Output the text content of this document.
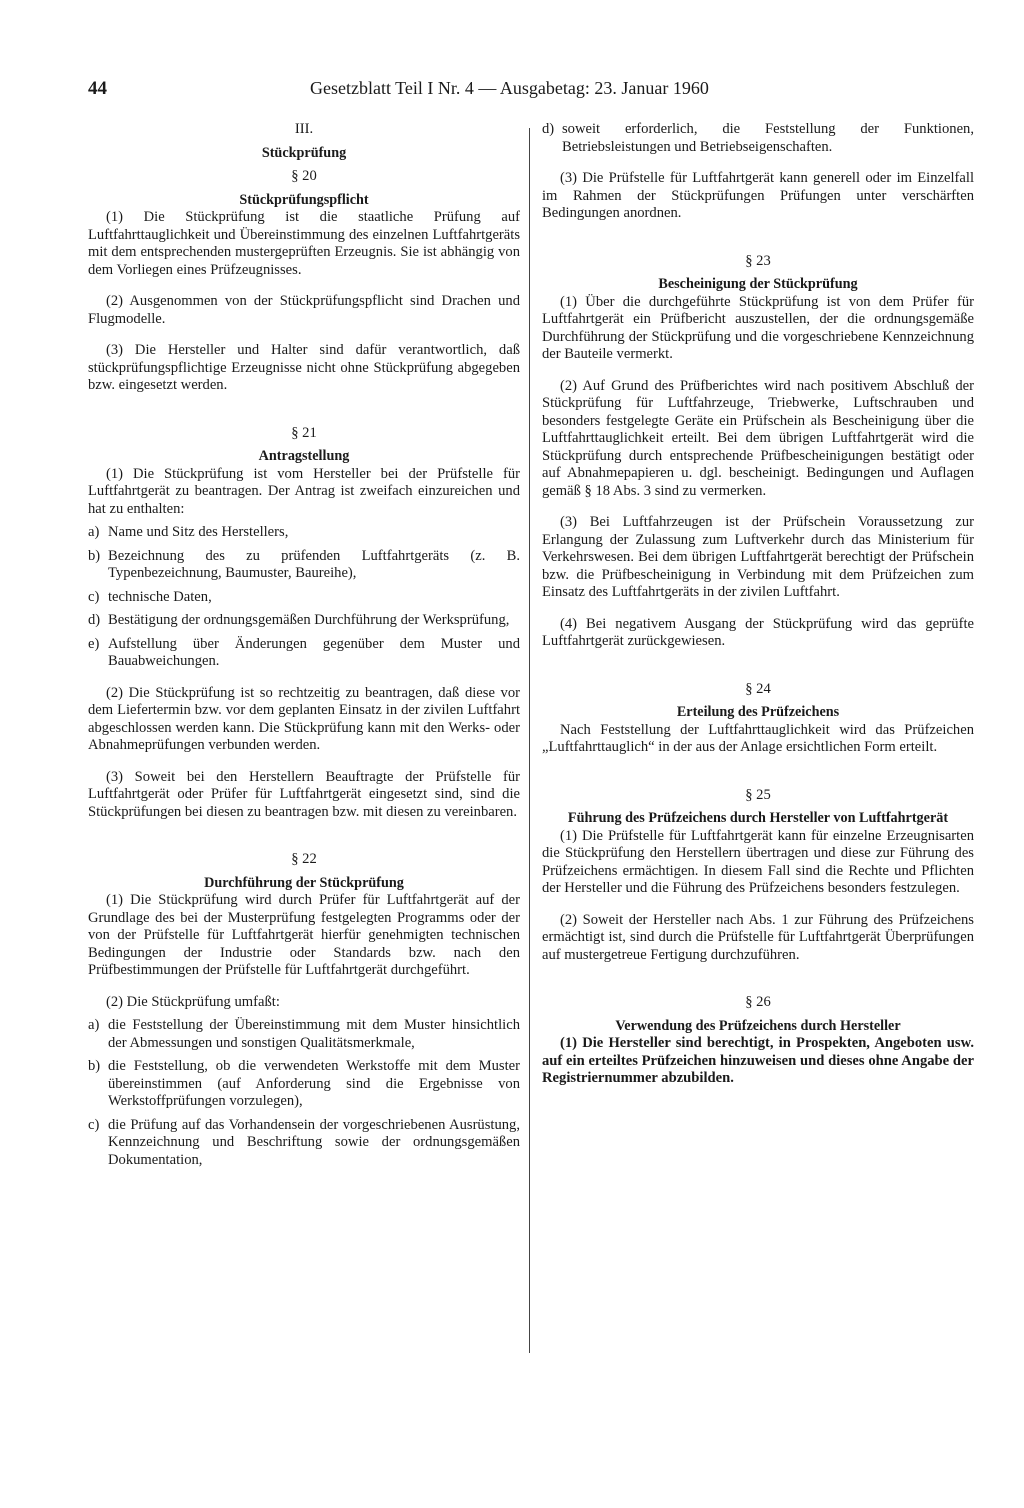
44	Gesetzblatt Teil I Nr. 4 — Ausgabetag: 23. Januar 1960
III.
Stückprüfung
§ 20
Stückprüfungspflicht

(1) Die Stückprüfung ist die staatliche Prüfung auf Luftfahrttauglichkeit und Übereinstimmung des einzelnen Luftfahrtgeräts mit dem entsprechenden mustergeprüften Erzeugnis. Sie ist abhängig von dem Vorliegen eines Prüfzeugnisses.

(2) Ausgenommen von der Stückprüfungspflicht sind Drachen und Flugmodelle.

(3) Die Hersteller und Halter sind dafür verantwortlich, daß stückprüfungspflichtige Erzeugnisse nicht ohne Stückprüfung abgegeben bzw. eingesetzt werden.

§ 21
Antragstellung

(1) Die Stückprüfung ist vom Hersteller bei der Prüfstelle für Luftfahrtgerät zu beantragen. Der Antrag ist zweifach einzureichen und hat zu enthalten:

a) Name und Sitz des Herstellers,
b) Bezeichnung des zu prüfenden Luftfahrtgeräts (z. B. Typenbezeichnung, Baumuster, Baureihe),
c) technische Daten,
d) Bestätigung der ordnungsgemäßen Durchführung der Werksprüfung,
e) Aufstellung über Änderungen gegenüber dem Muster und Bauabweichungen.

(2) Die Stückprüfung ist so rechtzeitig zu beantragen, daß diese vor dem Liefertermin bzw. vor dem geplanten Einsatz in der zivilen Luftfahrt abgeschlossen werden kann. Die Stückprüfung kann mit den Werks- oder Abnahmeprüfungen verbunden werden.

(3) Soweit bei den Herstellern Beauftragte der Prüfstelle für Luftfahrtgerät oder Prüfer für Luftfahrtgerät eingesetzt sind, sind die Stückprüfungen bei diesen zu beantragen bzw. mit diesen zu vereinbaren.

§ 22
Durchführung der Stückprüfung

(1) Die Stückprüfung wird durch Prüfer für Luftfahrtgerät auf der Grundlage des bei der Musterprüfung festgelegten Programms oder der von der Prüfstelle für Luftfahrtgerät hierfür genehmigten technischen Bedingungen der Industrie oder Standards bzw. nach den Prüfbestimmungen der Prüfstelle für Luftfahrtgerät durchgeführt.

(2) Die Stückprüfung umfaßt:

a) die Feststellung der Übereinstimmung mit dem Muster hinsichtlich der Abmessungen und sonstigen Qualitätsmerkmale,
b) die Feststellung, ob die verwendeten Werkstoffe mit dem Muster übereinstimmen (auf Anforderung sind die Ergebnisse von Werkstoffprüfungen vorzulegen),
c) die Prüfung auf das Vorhandensein der vorgeschriebenen Ausrüstung, Kennzeichnung und Beschriftung sowie der ordnungsgemäßen Dokumentation,
d) soweit erforderlich, die Feststellung der Funktionen, Betriebsleistungen und Betriebseigenschaften.

(3) Die Prüfstelle für Luftfahrtgerät kann generell oder im Einzelfall im Rahmen der Stückprüfungen Prüfungen unter verschärften Bedingungen anordnen.

§ 23
Bescheinigung der Stückprüfung

(1) Über die durchgeführte Stückprüfung ist von dem Prüfer für Luftfahrtgerät ein Prüfbericht auszustellen, der die ordnungsgemäße Durchführung der Stückprüfung und die vorgeschriebene Kennzeichnung der Bauteile vermerkt.

(2) Auf Grund des Prüfberichtes wird nach positivem Abschluß der Stückprüfung für Luftfahrzeuge, Triebwerke, Luftschrauben und besonders festgelegte Geräte ein Prüfschein als Bescheinigung über die Luftfahrttauglichkeit erteilt. Bei dem übrigen Luftfahrtgerät wird die Stückprüfung durch entsprechende Prüfbescheinigungen bestätigt oder auf Abnahmepapieren u. dgl. bescheinigt. Bedingungen und Auflagen gemäß § 18 Abs. 3 sind zu vermerken.

(3) Bei Luftfahrzeugen ist der Prüfschein Voraussetzung zur Erlangung der Zulassung zum Luftverkehr durch das Ministerium für Verkehrswesen. Bei dem übrigen Luftfahrtgerät berechtigt der Prüfschein bzw. die Prüfbescheinigung in Verbindung mit dem Prüfzeichen zum Einsatz des Luftfahrtgeräts in der zivilen Luftfahrt.

(4) Bei negativem Ausgang der Stückprüfung wird das geprüfte Luftfahrtgerät zurückgewiesen.

§ 24
Erteilung des Prüfzeichens

Nach Feststellung der Luftfahrttauglichkeit wird das Prüfzeichen „Luftfahrttauglich“ in der aus der Anlage ersichtlichen Form erteilt.

§ 25
Führung des Prüfzeichens durch Hersteller von Luftfahrtgerät

(1) Die Prüfstelle für Luftfahrtgerät kann für einzelne Erzeugnisarten die Stückprüfung den Herstellern übertragen und diese zur Führung des Prüfzeichens ermächtigen. In diesem Fall sind die Rechte und Pflichten der Hersteller und die Führung des Prüfzeichens besonders festzulegen.

(2) Soweit der Hersteller nach Abs. 1 zur Führung des Prüfzeichens ermächtigt ist, sind durch die Prüfstelle für Luftfahrtgerät Überprüfungen auf mustergetreue Fertigung durchzuführen.

§ 26
Verwendung des Prüfzeichens durch Hersteller

(1) Die Hersteller sind berechtigt, in Prospekten, Angeboten usw. auf ein erteiltes Prüfzeichen hinzuweisen und dieses ohne Angabe der Registriernummer abzubilden.
